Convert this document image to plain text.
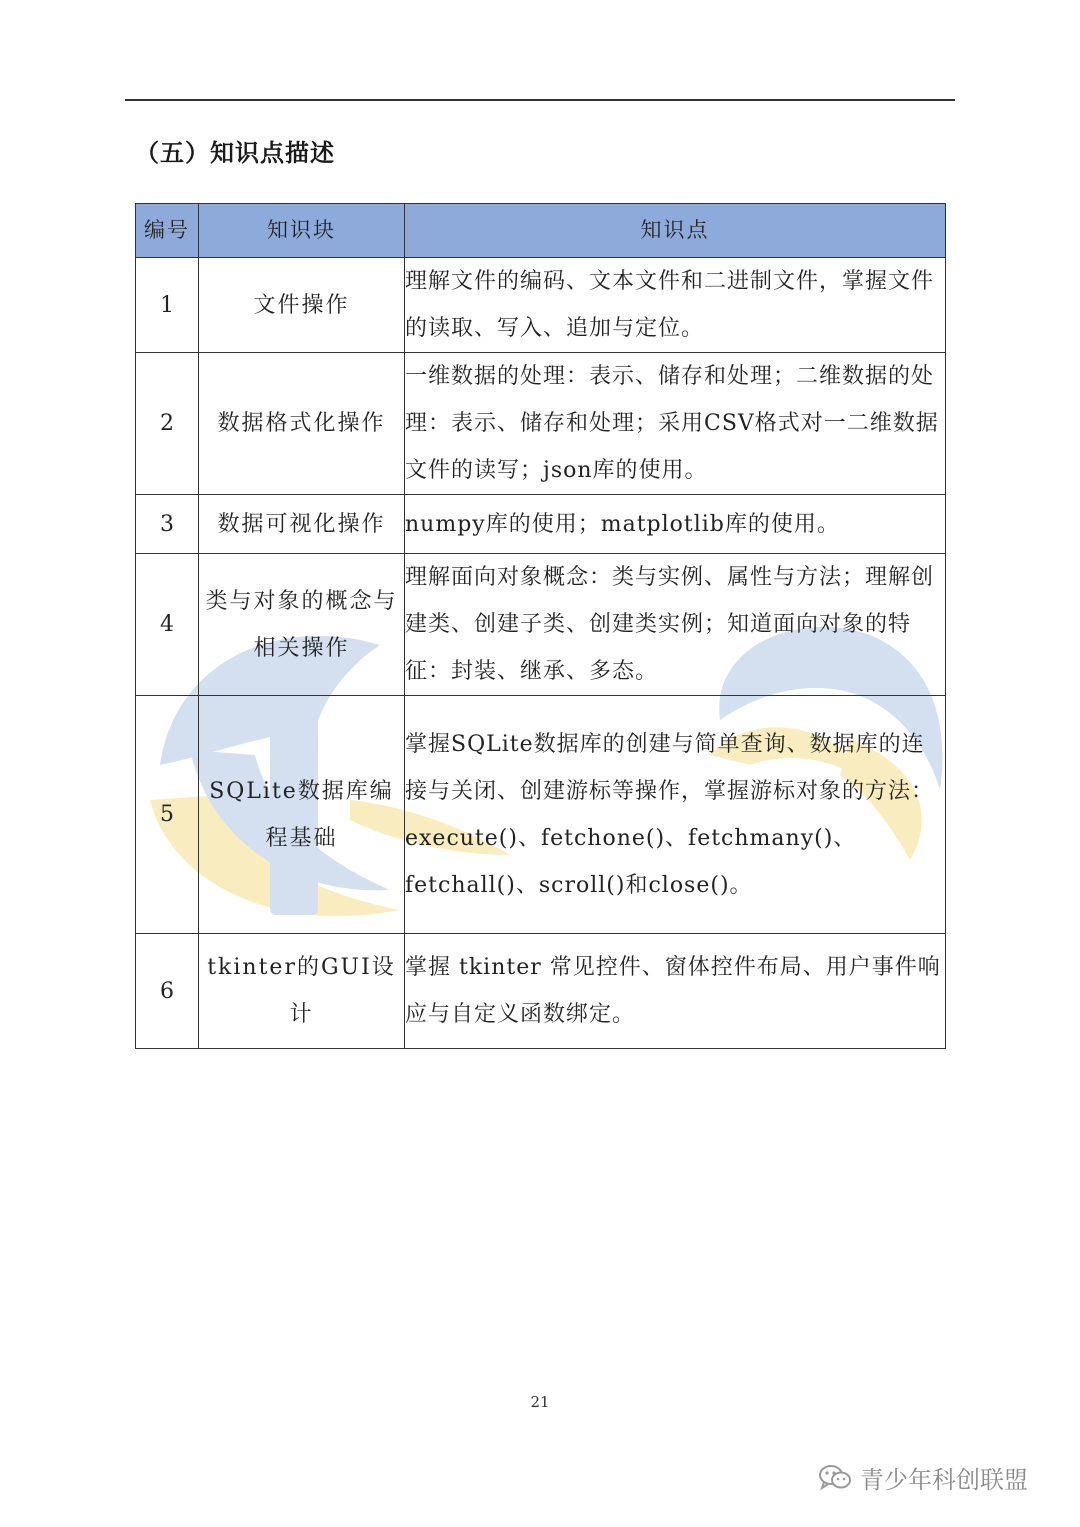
（五）知识点描述
编号	知识块	知识点
1	文件操作	理解文件的编码、文本文件和二进制文件，掌握文件的读取、写入、追加与定位。
2	数据格式化操作	一维数据的处理：表示、储存和处理；二维数据的处理：表示、储存和处理；采用CSV格式对一二维数据文件的读写；json库的使用。
3	数据可视化操作	numpy库的使用；matplotlib库的使用。
4	类与对象的概念与相关操作	理解面向对象概念：类与实例、属性与方法；理解创建类、创建子类、创建类实例；知道面向对象的特征：封装、继承、多态。
5	SQLite数据库编程基础	掌握SQLite数据库的创建与简单查询、数据库的连接与关闭、创建游标等操作，掌握游标对象的方法：execute()、fetchone()、fetchmany()、fetchall()、scroll()和close()。
6	tkinter的GUI设计	掌握 tkinter 常见控件、窗体控件布局、用户事件响应与自定义函数绑定。
21
青少年科创联盟
